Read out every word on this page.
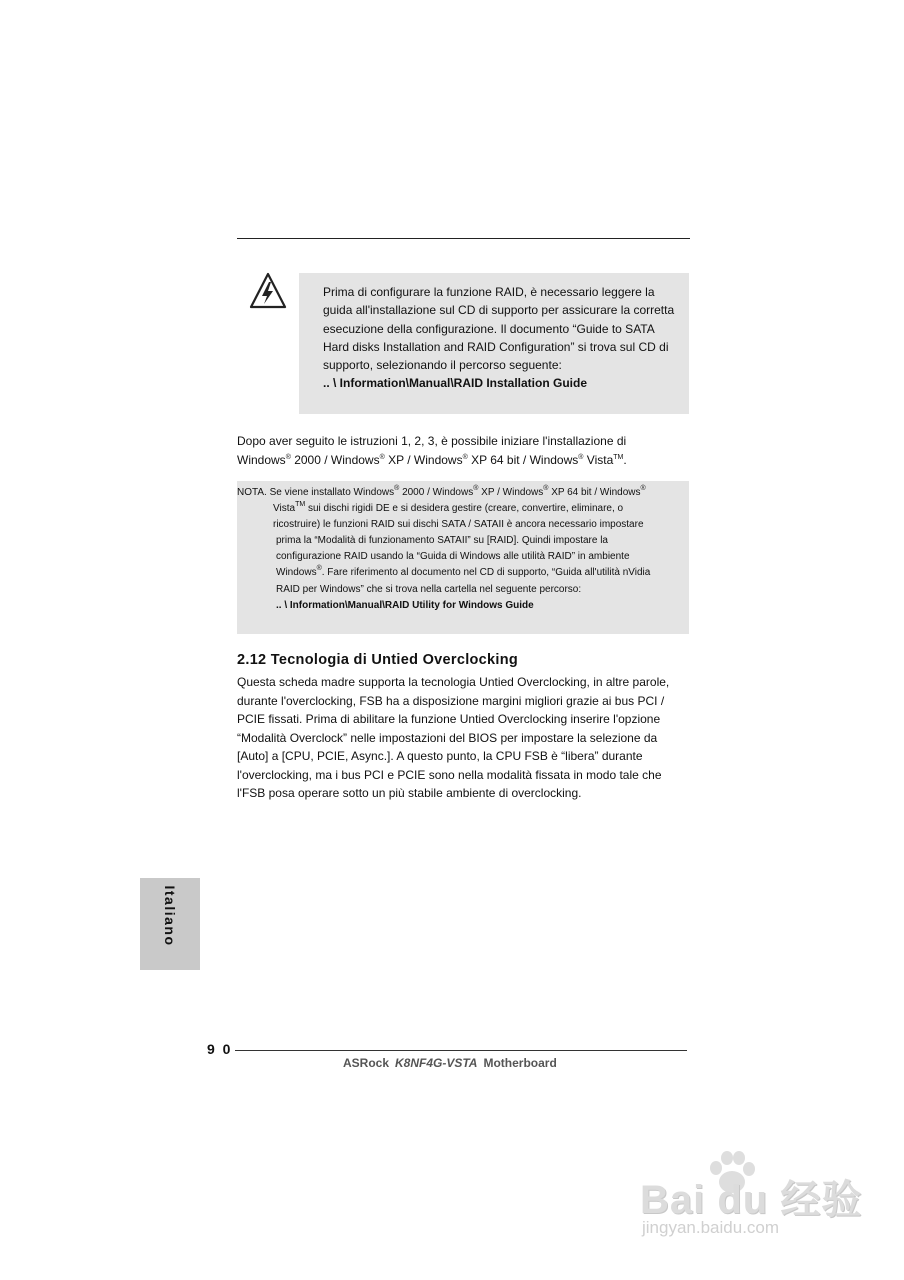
Prima di configurare la funzione RAID, è necessario leggere la

guida all'installazione sul CD di supporto per assicurare la corretta

esecuzione della configurazione. Il documento “Guide to SATA

Hard disks Installation and RAID Configuration” si trova sul CD di

supporto, selezionando il percorso seguente:

.. \ Information\Manual\RAID Installation Guide

Dopo aver seguito le istruzioni 1, 2, 3, è possibile iniziare l'installazione di

Windows® 2000 / Windows® XP / Windows® XP 64 bit / Windows® Vista™.

NOTA. Se viene installato Windows® 2000 / Windows® XP / Windows® XP 64 bit / Windows®
Vista™ sui dischi rigidi DE e si desidera gestire (creare, convertire, eliminare, o
ricostruire) le funzioni RAID sui dischi SATA / SATAII è ancora necessario impostare
prima la “Modalità di funzionamento SATAII” su [RAID]. Quindi impostare la
configurazione RAID usando la “Guida di Windows alle utilità RAID” in ambiente
Windows®. Fare riferimento al documento nel CD di supporto, “Guida all'utilità nVidia
RAID per Windows” che si trova nella cartella nel seguente percorso:
.. \ Information\Manual\RAID Utility for Windows Guide
2.12 Tecnologia di Untied Overclocking

Questa scheda madre supporta la tecnologia Untied Overclocking, in altre parole,

durante l'overclocking, FSB ha a disposizione margini migliori grazie ai bus PCI /

PCIE fissati. Prima di abilitare la funzione Untied Overclocking inserire l'opzione

“Modalità Overclock” nelle impostazioni del BIOS per impostare la selezione da

[Auto] a [CPU, PCIE, Async.]. A questo punto, la CPU FSB è “libera” durante

l'overclocking, ma i bus PCI e PCIE sono nella modalità fissata in modo tale che

l'FSB posa operare sotto un più stabile ambiente di overclocking.

Italiano
9 0
ASRock K8NF4G-VSTA Motherboard
Bai du 经验
jingyan.baidu.com
